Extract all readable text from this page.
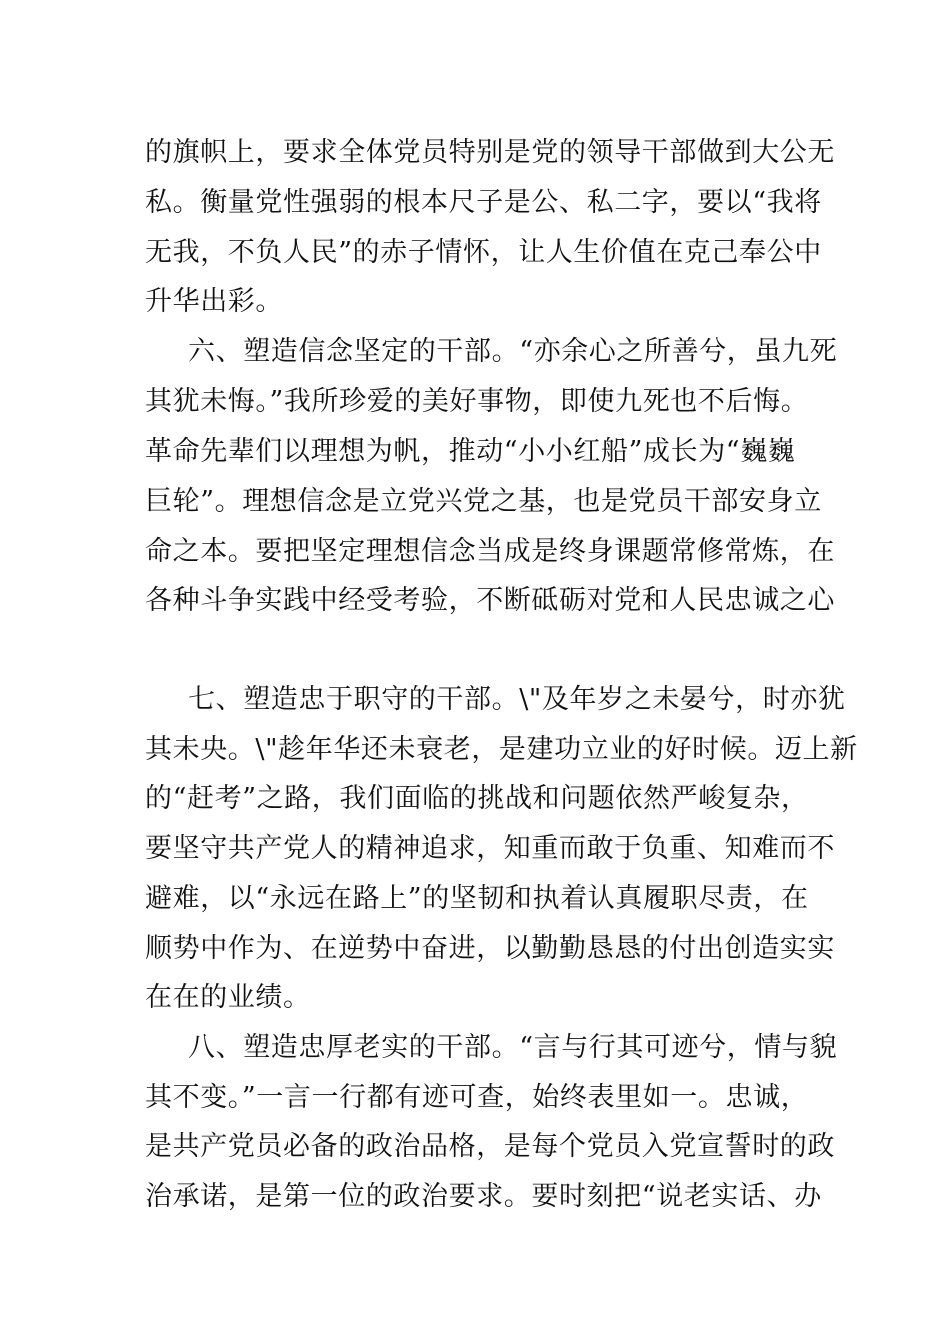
的旗帜上，要求全体党员特别是党的领导干部做到大公无
私。衡量党性强弱的根本尺子是公、私二字，要以“我将
无我，不负人民”的赤子情怀，让人生价值在克己奉公中
升华出彩。
六、塑造信念坚定的干部。“亦余心之所善兮，虽九死
其犹未悔。”我所珍爱的美好事物，即使九死也不后悔。
革命先辈们以理想为帆，推动“小小红船”成长为“巍巍
巨轮”。理想信念是立党兴党之基，也是党员干部安身立
命之本。要把坚定理想信念当成是终身课题常修常炼，在
各种斗争实践中经受考验，不断砥砺对党和人民忠诚之心
七、塑造忠于职守的干部。\"及年岁之未晏兮，时亦犹
其未央。\"趁年华还未衰老，是建功立业的好时候。迈上新
的“赶考”之路，我们面临的挑战和问题依然严峻复杂，
要坚守共产党人的精神追求，知重而敢于负重、知难而不
避难，以“永远在路上”的坚韧和执着认真履职尽责，在
顺势中作为、在逆势中奋进，以勤勤恳恳的付出创造实实
在在的业绩。
八、塑造忠厚老实的干部。“言与行其可迹兮，情与貌
其不变。”一言一行都有迹可查，始终表里如一。忠诚，
是共产党员必备的政治品格，是每个党员入党宣誓时的政
治承诺，是第一位的政治要求。要时刻把“说老实话、办
